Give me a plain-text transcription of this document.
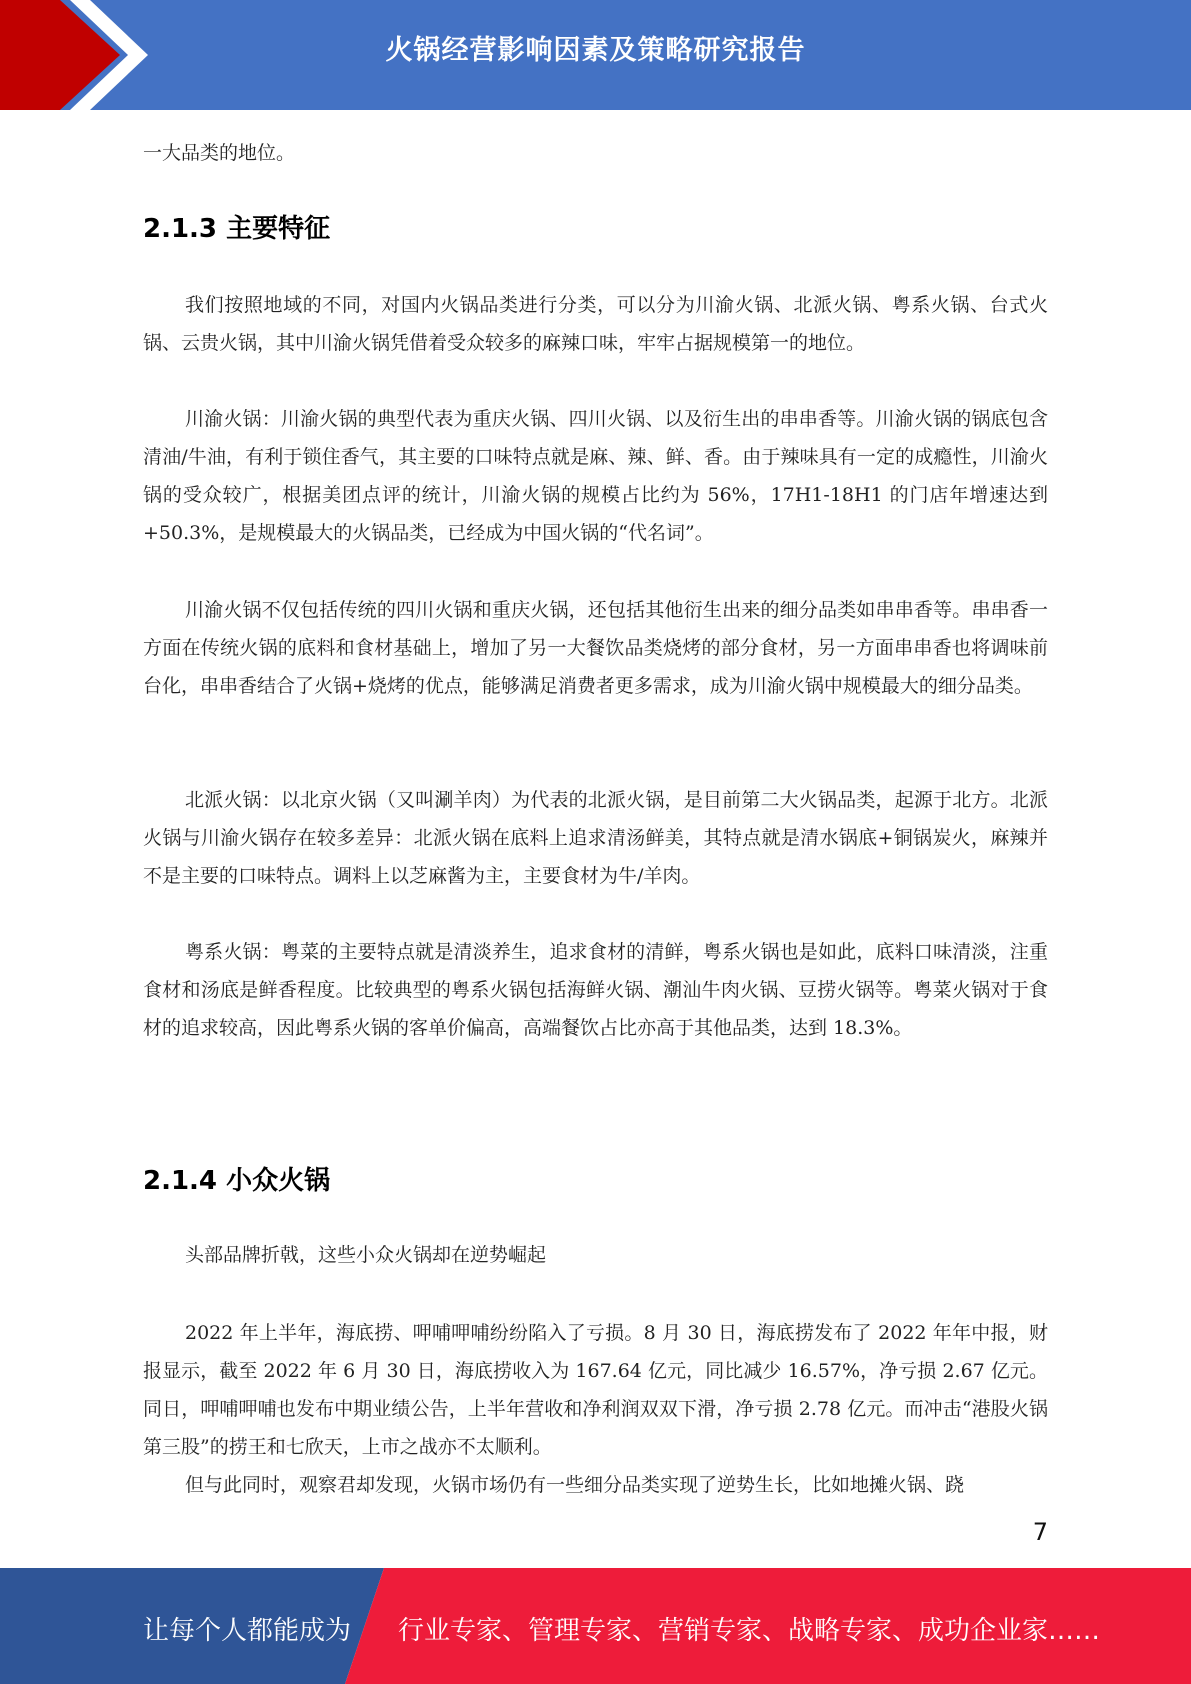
火锅经营影响因素及策略研究报告

一大品类的地位。

2.1.3 主要特征

我们按照地域的不同，对国内火锅品类进行分类，可以分为川渝火锅、北派火锅、粤系火锅、台式火锅、云贵火锅，其中川渝火锅凭借着受众较多的麻辣口味，牢牢占据规模第一的地位。

川渝火锅：川渝火锅的典型代表为重庆火锅、四川火锅、以及衍生出的串串香等。川渝火锅的锅底包含清油/牛油，有利于锁住香气，其主要的口味特点就是麻、辣、鲜、香。由于辣味具有一定的成瘾性，川渝火锅的受众较广，根据美团点评的统计，川渝火锅的规模占比约为 56%，17H1-18H1 的门店年增速达到+50.3%，是规模最大的火锅品类，已经成为中国火锅的“代名词”。

川渝火锅不仅包括传统的四川火锅和重庆火锅，还包括其他衍生出来的细分品类如串串香等。串串香一方面在传统火锅的底料和食材基础上，增加了另一大餐饮品类烧烤的部分食材，另一方面串串香也将调味前台化，串串香结合了火锅+烧烤的优点，能够满足消费者更多需求，成为川渝火锅中规模最大的细分品类。

北派火锅：以北京火锅（又叫涮羊肉）为代表的北派火锅，是目前第二大火锅品类，起源于北方。北派火锅与川渝火锅存在较多差异：北派火锅在底料上追求清汤鲜美，其特点就是清水锅底+铜锅炭火，麻辣并不是主要的口味特点。调料上以芝麻酱为主，主要食材为牛/羊肉。

粤系火锅：粤菜的主要特点就是清淡养生，追求食材的清鲜，粤系火锅也是如此，底料口味清淡，注重食材和汤底是鲜香程度。比较典型的粤系火锅包括海鲜火锅、潮汕牛肉火锅、豆捞火锅等。粤菜火锅对于食材的追求较高，因此粤系火锅的客单价偏高，高端餐饮占比亦高于其他品类，达到 18.3%。

2.1.4 小众火锅

头部品牌折戟，这些小众火锅却在逆势崛起

2022 年上半年，海底捞、呷哺呷哺纷纷陷入了亏损。8 月 30 日，海底捞发布了 2022 年年中报，财报显示，截至 2022 年 6 月 30 日，海底捞收入为 167.64 亿元，同比减少 16.57%，净亏损 2.67 亿元。同日，呷哺呷哺也发布中期业绩公告，上半年营收和净利润双双下滑，净亏损 2.78 亿元。而冲击“港股火锅第三股”的捞王和七欣天，上市之战亦不太顺利。

但与此同时，观察君却发现，火锅市场仍有一些细分品类实现了逆势生长，比如地摊火锅、跷

7
让每个人都能成为 行业专家、管理专家、营销专家、战略专家、成功企业家……
